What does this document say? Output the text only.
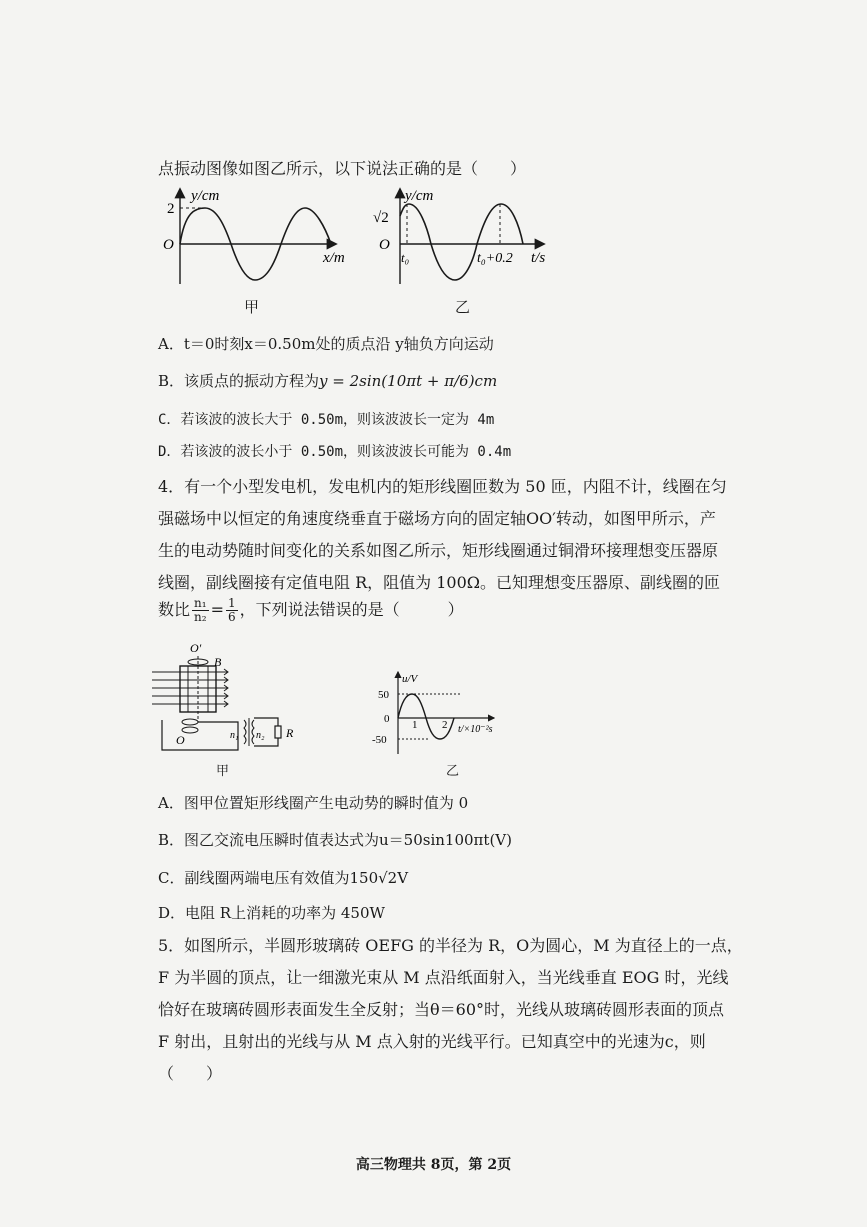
点振动图像如图乙所示，以下说法正确的是（　　）
y/cm
2
O
x/m
甲
y/cm
√2
O
t₀	t₀+0.2 t/s
乙
A．t＝0时刻x＝0.50m处的质点沿 y轴负方向运动
B．该质点的振动方程为y = 2sin(10πt + π/6)cm
C．若该波的波长大于 0.50m，则该波波长一定为 4m
D．若该波的波长小于 0.50m，则该波波长可能为 0.4m
4．有一个小型发电机，发电机内的矩形线圈匝数为 50 匝，内阻不计，线圈在匀
强磁场中以恒定的角速度绕垂直于磁场方向的固定轴OO′转动，如图甲所示，产
生的电动势随时间变化的关系如图乙所示，矩形线圈通过铜滑环接理想变压器原
线圈，副线圈接有定值电阻 R，阻值为 100Ω。已知理想变压器原、副线圈的匝
数比 $\frac{\text{n₁}}{\text{n₂}} = \frac{1}{6}$ ，下列说法错误的是（　　　）
O′
B
O	n₁ n₂ R
甲
u/V
50
0
-50
1 2 t/×10⁻²s
乙
A．图甲位置矩形线圈产生电动势的瞬时值为 0
B．图乙交流电压瞬时值表达式为u＝50sin100πt(V)
C．副线圈两端电压有效值为150√2V
D．电阻 R上消耗的功率为 450W
5．如图所示，半圆形玻璃砖 OEFG 的半径为 R，O为圆心，M 为直径上的一点，
F 为半圆的顶点，让一细激光束从 M 点沿纸面射入，当光线垂直 EOG 时，光线
恰好在玻璃砖圆形表面发生全反射；当θ＝60°时，光线从玻璃砖圆形表面的顶点
F 射出，且射出的光线与从 M 点入射的光线平行。已知真空中的光速为c，则
（　　）
高三物理共 8页，第 2页
